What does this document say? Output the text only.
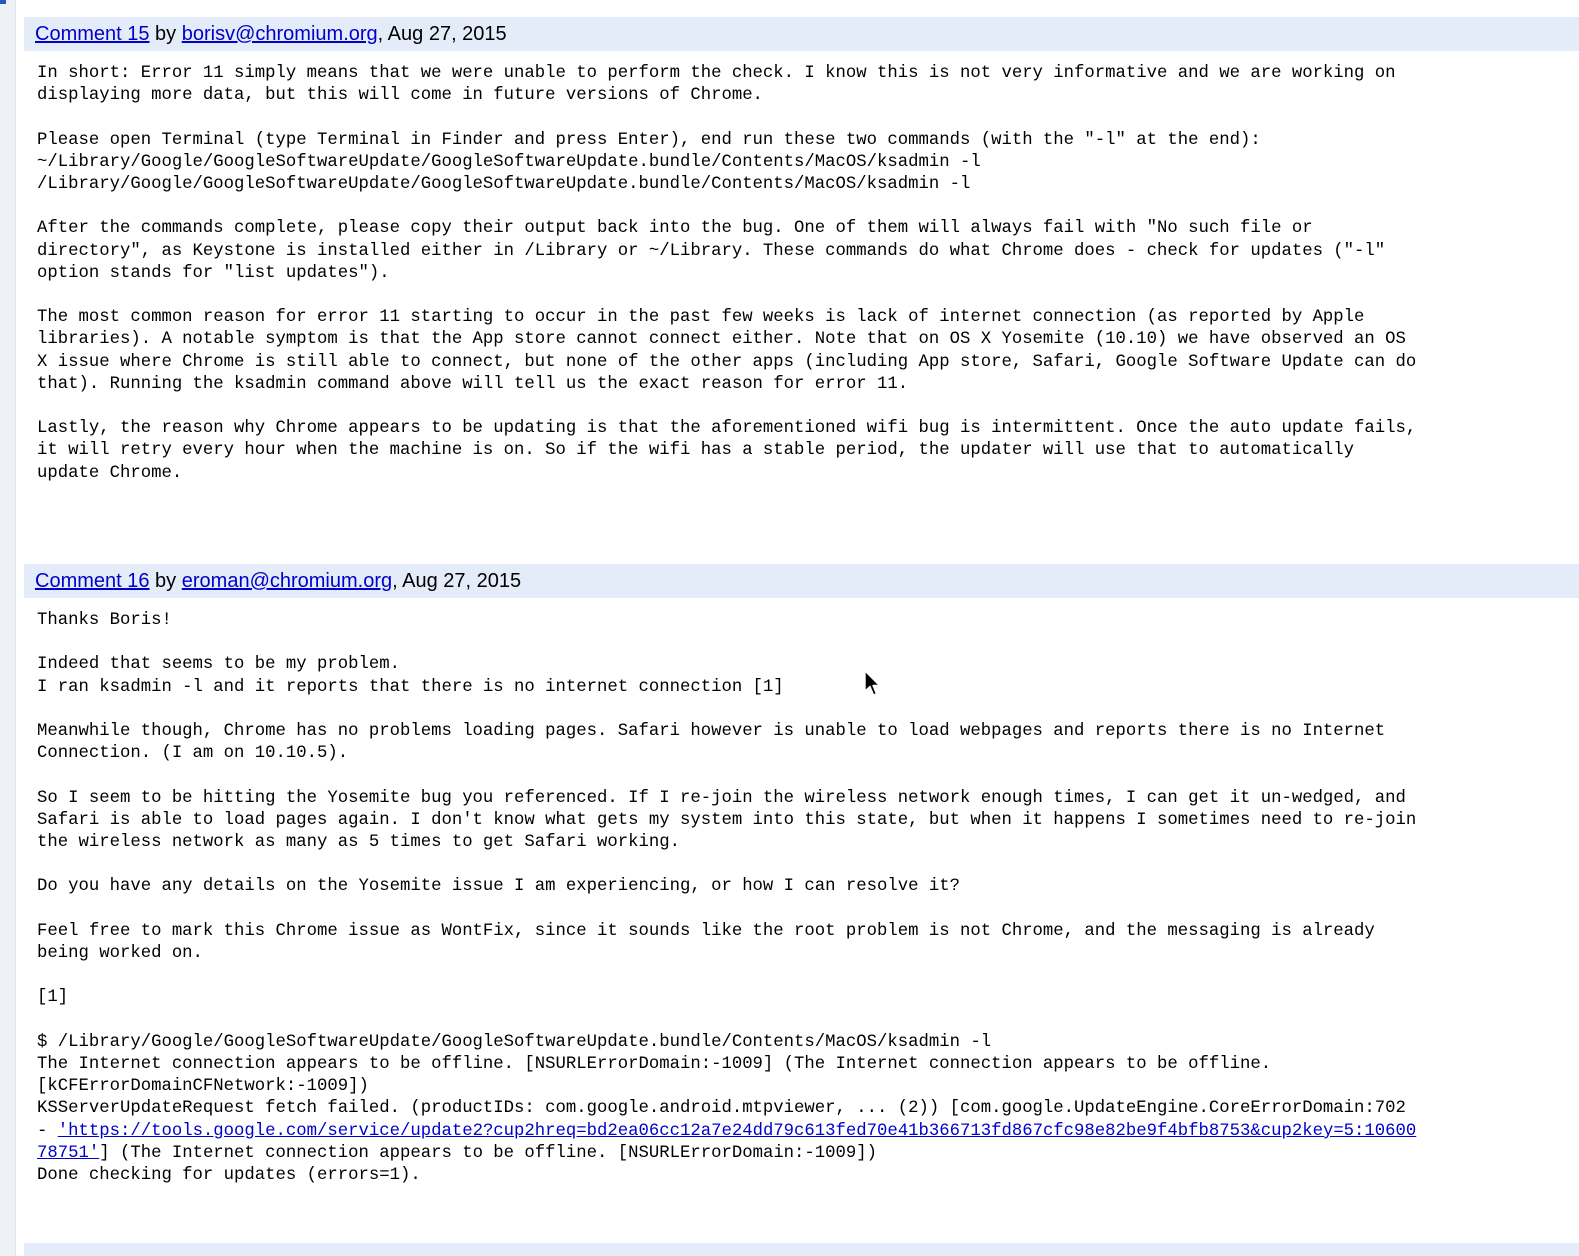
Comment 15 by borisv@chromium.org, Aug 27, 2015
In short: Error 11 simply means that we were unable to perform the check. I know this is not very informative and we are working on
displaying more data, but this will come in future versions of Chrome.

Please open Terminal (type Terminal in Finder and press Enter), end run these two commands (with the "-l" at the end):
~/Library/Google/GoogleSoftwareUpdate/GoogleSoftwareUpdate.bundle/Contents/MacOS/ksadmin -l
/Library/Google/GoogleSoftwareUpdate/GoogleSoftwareUpdate.bundle/Contents/MacOS/ksadmin -l

After the commands complete, please copy their output back into the bug. One of them will always fail with "No such file or
directory", as Keystone is installed either in /Library or ~/Library. These commands do what Chrome does - check for updates ("-l"
option stands for "list updates").

The most common reason for error 11 starting to occur in the past few weeks is lack of internet connection (as reported by Apple
libraries). A notable symptom is that the App store cannot connect either. Note that on OS X Yosemite (10.10) we have observed an OS
X issue where Chrome is still able to connect, but none of the other apps (including App store, Safari, Google Software Update can do
that). Running the ksadmin command above will tell us the exact reason for error 11.

Lastly, the reason why Chrome appears to be updating is that the aforementioned wifi bug is intermittent. Once the auto update fails,
it will retry every hour when the machine is on. So if the wifi has a stable period, the updater will use that to automatically
update Chrome.
Comment 16 by eroman@chromium.org, Aug 27, 2015
Thanks Boris!

Indeed that seems to be my problem.
I ran ksadmin -l and it reports that there is no internet connection [1]

Meanwhile though, Chrome has no problems loading pages. Safari however is unable to load webpages and reports there is no Internet
Connection. (I am on 10.10.5).

So I seem to be hitting the Yosemite bug you referenced. If I re-join the wireless network enough times, I can get it un-wedged, and
Safari is able to load pages again. I don't know what gets my system into this state, but when it happens I sometimes need to re-join
the wireless network as many as 5 times to get Safari working.

Do you have any details on the Yosemite issue I am experiencing, or how I can resolve it?

Feel free to mark this Chrome issue as WontFix, since it sounds like the root problem is not Chrome, and the messaging is already
being worked on.

[1]

$ /Library/Google/GoogleSoftwareUpdate/GoogleSoftwareUpdate.bundle/Contents/MacOS/ksadmin -l
The Internet connection appears to be offline. [NSURLErrorDomain:-1009] (The Internet connection appears to be offline.
[kCFErrorDomainCFNetwork:-1009])
KSServerUpdateRequest fetch failed. (productIDs: com.google.android.mtpviewer, ... (2)) [com.google.UpdateEngine.CoreErrorDomain:702
- 'https://tools.google.com/service/update2?cup2hreq=bd2ea06cc12a7e24dd79c613fed70e41b366713fd867cfc98e82be9f4bfb8753&cup2key=5:10600
78751'] (The Internet connection appears to be offline. [NSURLErrorDomain:-1009])
Done checking for updates (errors=1).
